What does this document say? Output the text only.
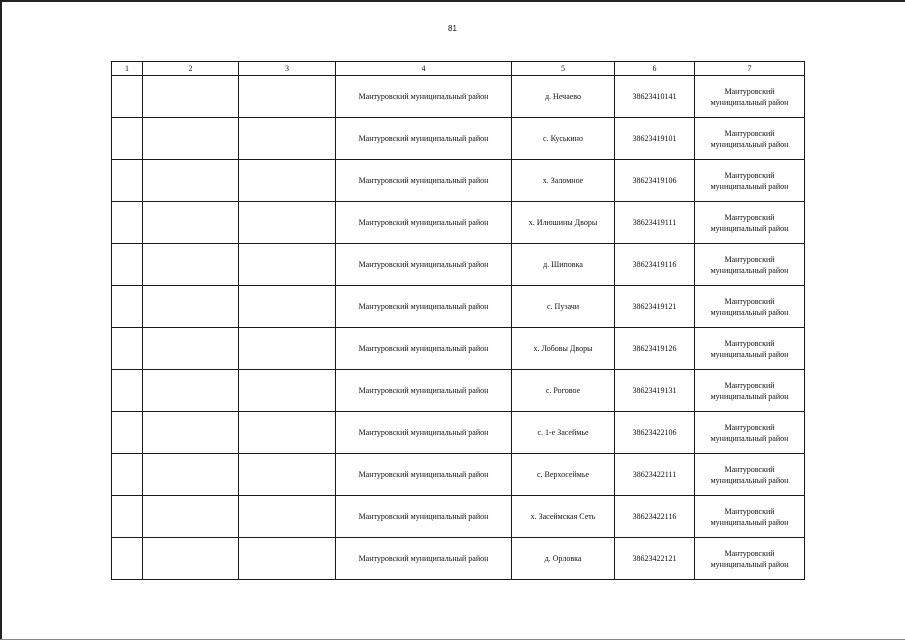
81
1	2	3	4	5	6	7
			Мантуровский муниципальный район	д. Нечаево	38623410141	Мантуровский
муниципальный район

			Мантуровский муниципальный район	с. Куськино	38623419101	Мантуровский
муниципальный район

			Мантуровский муниципальный район	х. Заломное	38623419106	Мантуровский
муниципальный район

			Мантуровский муниципальный район	х. Илюшины Дворы	38623419111	Мантуровский
муниципальный район

			Мантуровский муниципальный район	д. Шиповка	38623419116	Мантуровский
муниципальный район

			Мантуровский муниципальный район	с. Пузачи	38623419121	Мантуровский
муниципальный район

			Мантуровский муниципальный район	х. Лобовы Дворы	38623419126	Мантуровский
муниципальный район

			Мантуровский муниципальный район	с. Роговое	38623419131	Мантуровский
муниципальный район

			Мантуровский муниципальный район	с. 1-е Засеймье	38623422106	Мантуровский
муниципальный район

			Мантуровский муниципальный район	с. Верхосеймье	38623422111	Мантуровский
муниципальный район

			Мантуровский муниципальный район	х. Засеймская Сеть	38623422116	Мантуровский
муниципальный район

			Мантуровский муниципальный район	д. Орловка	38623422121	Мантуровский
муниципальный район
